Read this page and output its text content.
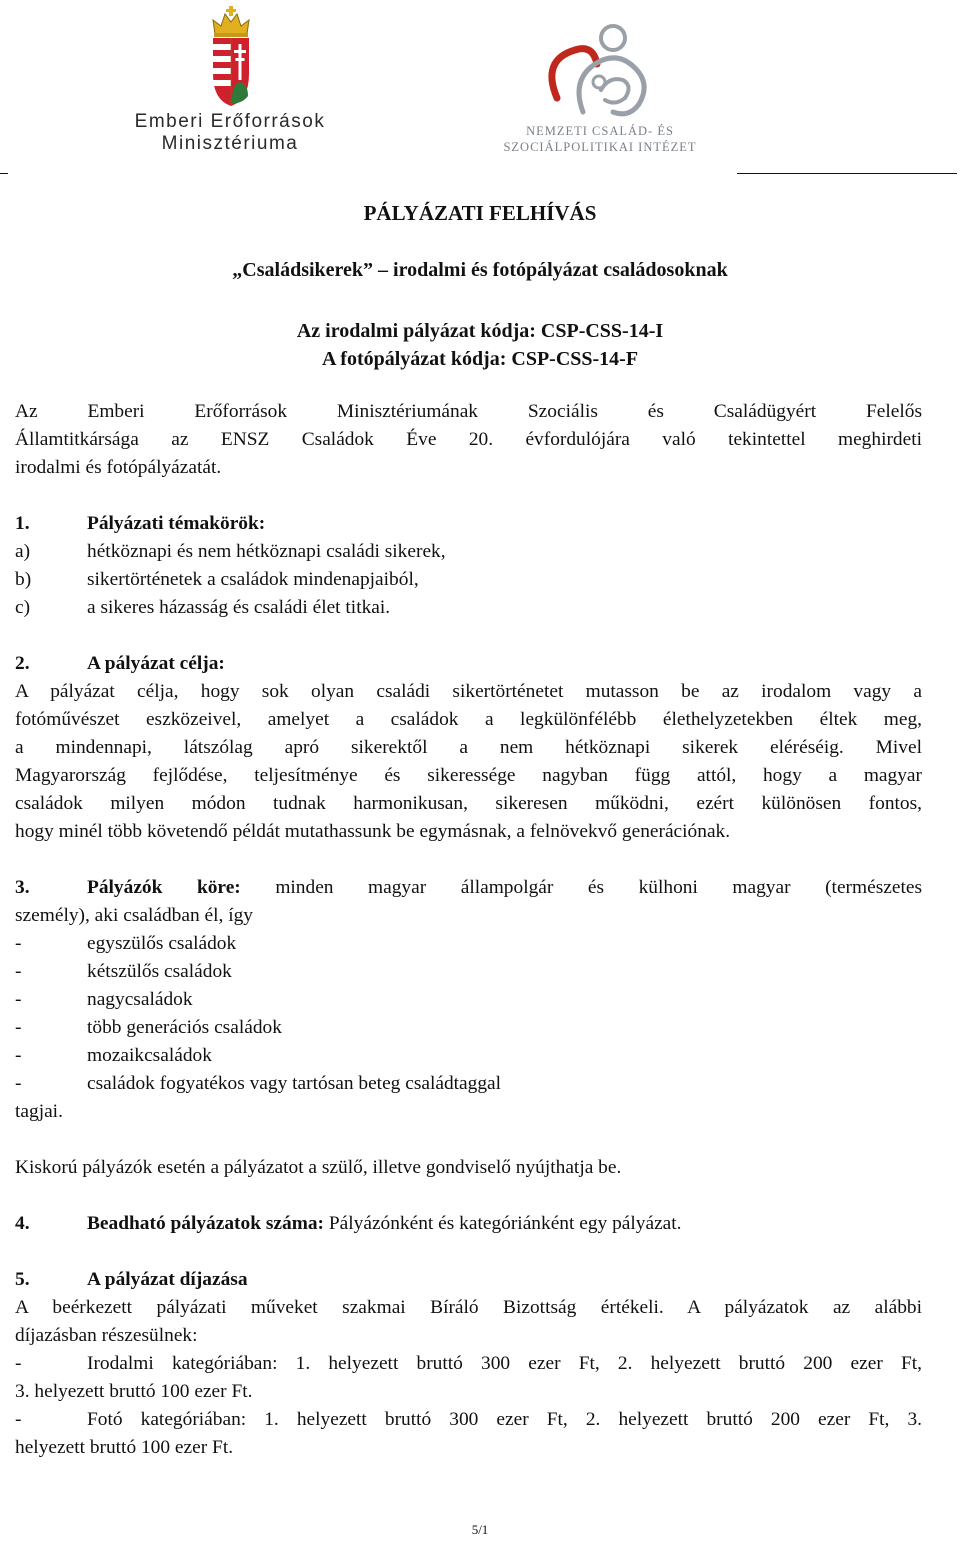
Emberi Erőforrások
Minisztériuma
NEMZETI CSALÁD- ÉS
SZOCIÁLPOLITIKAI INTÉZET
PÁLYÁZATI FELHÍVÁS
„Családsikerek” – irodalmi és fotópályázat családosoknak
Az irodalmi pályázat kódja: CSP-CSS-14-I
A fotópályázat kódja: CSP-CSS-14-F
Az Emberi Erőforrások Minisztériumának Szociális és Családügyért Felelős
Államtitkársága az ENSZ Családok Éve 20. évfordulójára való tekintettel meghirdeti
irodalmi és fotópályázatát.
1.	Pályázati témakörök:
a)	hétköznapi és nem hétköznapi családi sikerek,
b)	sikertörténetek a családok mindenapjaiból,
c)	a sikeres házasság és családi élet titkai.
2.	A pályázat célja:
A pályázat célja, hogy sok olyan családi sikertörténetet mutasson be az irodalom vagy a
fotóművészet eszközeivel, amelyet a családok a legkülönfélébb élethelyzetekben éltek meg,
a mindennapi, látszólag apró sikerektől a nem hétköznapi sikerek eléréséig. Mivel
Magyarország fejlődése, teljesítménye és sikeressége nagyban függ attól, hogy a magyar
családok milyen módon tudnak harmonikusan, sikeresen működni, ezért különösen fontos,
hogy minél több követendő példát mutathassunk be egymásnak, a felnövekvő generációnak.
3.	Pályázók köre: minden magyar állampolgár és külhoni magyar (természetes
személy), aki családban él, így
-	egyszülős családok
-	kétszülős családok
-	nagycsaládok
-	több generációs családok
-	mozaikcsaládok
-	családok fogyatékos vagy tartósan beteg családtaggal
tagjai.
Kiskorú pályázók esetén a pályázatot a szülő, illetve gondviselő nyújthatja be.
4.	Beadható pályázatok száma: Pályázónként és kategóriánként egy pályázat.
5.	A pályázat díjazása
A beérkezett pályázati műveket szakmai Bíráló Bizottság értékeli. A pályázatok az alábbi
díjazásban részesülnek:
-	Irodalmi kategóriában: 1. helyezett bruttó 300 ezer Ft, 2. helyezett bruttó 200 ezer Ft,
3. helyezett bruttó 100 ezer Ft.
-	Fotó kategóriában: 1. helyezett bruttó 300 ezer Ft, 2. helyezett bruttó 200 ezer Ft, 3.
helyezett bruttó 100 ezer Ft.
5/1
